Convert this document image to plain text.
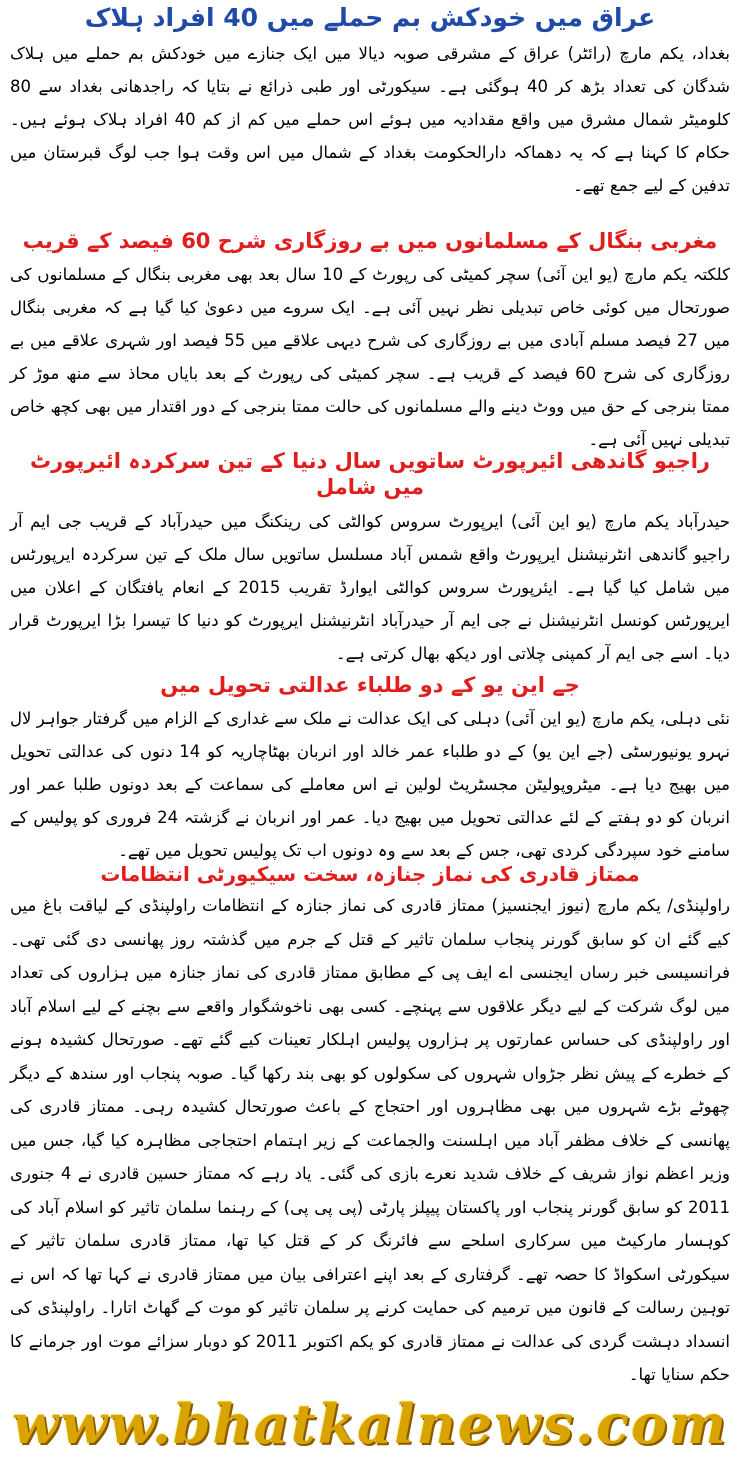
عراق میں خودکش بم حملے میں 40 افراد ہلاک

بغداد، یکم مارچ (رائٹر) عراق کے مشرقی صوبہ دیالا میں ایک جنازے میں خودکش بم حملے میں ہلاک شدگان کی تعداد بڑھ کر 40 ہوگئی ہے۔ سیکورٹی اور طبی ذرائع نے بتایا کہ راجدھانی بغداد سے 80 کلومیٹر شمال مشرق میں واقع مقدادیہ میں ہوئے اس حملے میں کم از کم 40 افراد ہلاک ہوئے ہیں۔ حکام کا کہنا ہے کہ یہ دھماکہ دارالحکومت بغداد کے شمال میں اس وقت ہوا جب لوگ قبرستان میں تدفین کے لیے جمع تھے۔

مغربی بنگال کے مسلمانوں میں بے روزگاری شرح 60 فیصد کے قریب

کلکتہ یکم مارچ (یو این آئی) سچر کمیٹی کی رپورٹ کے 10 سال بعد بھی مغربی بنگال کے مسلمانوں کی صورتحال میں کوئی خاص تبدیلی نظر نہیں آئی ہے۔ ایک سروے میں دعویٰ کیا گیا ہے کہ مغربی بنگال میں 27 فیصد مسلم آبادی میں بے روزگاری کی شرح دیہی علاقے میں 55 فیصد اور شہری علاقے میں بے روزگاری کی شرح 60 فیصد کے قریب ہے۔ سچر کمیٹی کی رپورٹ کے بعد بایاں محاذ سے منھ موڑ کر ممتا بنرجی کے حق میں ووٹ دینے والے مسلمانوں کی حالت ممتا بنرجی کے دور اقتدار میں بھی کچھ خاص تبدیلی نہیں آئی ہے۔

راجیو گاندھی ائیرپورٹ ساتویں سال دنیا کے تین سرکردہ ائیرپورٹ میں شامل

حیدرآباد یکم مارچ (یو این آئی) ایرپورٹ سروس کوالٹی کی رینکنگ میں حیدرآباد کے قریب جی ایم آر راجیو گاندھی انٹرنیشنل ایرپورٹ واقع شمس آباد مسلسل ساتویں سال ملک کے تین سرکردہ ایرپورٹس میں شامل کیا گیا ہے۔ ایئرپورٹ سروس کوالٹی ایوارڈ تقریب 2015 کے انعام یافتگان کے اعلان میں ایرپورٹس کونسل انٹرنیشنل نے جی ایم آر حیدرآباد انٹرنیشنل ایرپورٹ کو دنیا کا تیسرا بڑا ایرپورٹ قرار دیا۔ اسے جی ایم آر کمپنی چلاتی اور دیکھ بھال کرتی ہے۔

جے این یو کے دو طلباء عدالتی تحویل میں

نئی دہلی، یکم مارچ (یو این آئی) دہلی کی ایک عدالت نے ملک سے غداری کے الزام میں گرفتار جواہر لال نہرو یونیورسٹی (جے این یو) کے دو طلباء عمر خالد اور انربان بھٹاچاریہ کو 14 دنوں کی عدالتی تحویل میں بھیج دیا ہے۔ میٹروپولیٹن مجسٹریٹ لولین نے اس معاملے کی سماعت کے بعد دونوں طلبا عمر اور انربان کو دو ہفتے کے لئے عدالتی تحویل میں بھیج دیا۔ عمر اور انربان نے گزشتہ 24 فروری کو پولیس کے سامنے خود سپردگی کردی تھی، جس کے بعد سے وہ دونوں اب تک پولیس تحویل میں تھے۔

ممتاز قادری کی نماز جنازہ، سخت سیکیورٹی انتظامات

راولپنڈی/ یکم مارچ (نیوز ایجنسیز) ممتاز قادری کی نماز جنازہ کے انتظامات راولپنڈی کے لیاقت باغ میں کیے گئے ان کو سابق گورنر پنجاب سلمان تاثیر کے قتل کے جرم میں گذشتہ روز پھانسی دی گئی تھی۔ فرانسیسی خبر رساں ایجنسی اے ایف پی کے مطابق ممتاز قادری کی نماز جنازہ میں ہزاروں کی تعداد میں لوگ شرکت کے لیے دیگر علاقوں سے پہنچے۔ کسی بھی ناخوشگوار واقعے سے بچنے کے لیے اسلام آباد اور راولپنڈی کی حساس عمارتوں پر ہزاروں پولیس اہلکار تعینات کیے گئے تھے۔ صورتحال کشیدہ ہونے کے خطرے کے پیش نظر جڑواں شہروں کی سکولوں کو بھی بند رکھا گیا۔ صوبہ پنجاب اور سندھ کے دیگر چھوٹے بڑے شہروں میں بھی مظاہروں اور احتجاج کے باعث صورتحال کشیدہ رہی۔ ممتاز قادری کی پھانسی کے خلاف مظفر آباد میں اہلسنت والجماعت کے زیر اہتمام احتجاجی مظاہرہ کیا گیا، جس میں وزیر اعظم نواز شریف کے خلاف شدید نعرے بازی کی گئی۔ یاد رہے کہ ممتاز حسین قادری نے 4 جنوری 2011 کو سابق گورنر پنجاب اور پاکستان پیپلز پارٹی (پی پی پی) کے رہنما سلمان تاثیر کو اسلام آباد کی کوہسار مارکیٹ میں سرکاری اسلحے سے فائرنگ کر کے قتل کیا تھا، ممتاز قادری سلمان تاثیر کے سیکورٹی اسکواڈ کا حصہ تھے۔ گرفتاری کے بعد اپنے اعترافی بیان میں ممتاز قادری نے کہا تھا کہ اس نے توہین رسالت کے قانون میں ترمیم کی حمایت کرنے پر سلمان تاثیر کو موت کے گھاٹ اتارا۔ راولپنڈی کی انسداد دہشت گردی کی عدالت نے ممتاز قادری کو یکم اکتوبر 2011 کو دوبار سزائے موت اور جرمانے کا حکم سنایا تھا۔

www.bhatkalnews.com
